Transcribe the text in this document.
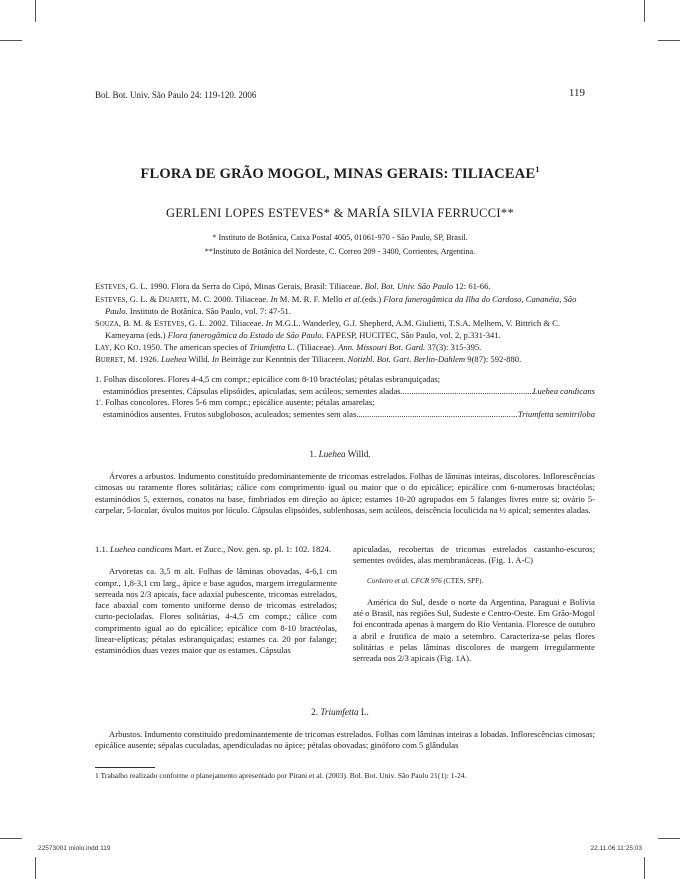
Bol. Bot. Univ. São Paulo 24: 119-120. 2006	119
FLORA DE GRÃO MOGOL, MINAS GERAIS: TILIACEAE$^1$
GERLENI LOPES ESTEVES* & MARÍA SILVIA FERRUCCI**
* Instituto de Botânica, Caixa Postal 4005, 01061-970 - São Paulo, SP, Brasil.
**Instituto de Botânica del Nordeste, C. Correo 209 - 3400, Corrientes, Argentina.

ESTEVES, G. L. 1990. Flora da Serra do Cipó, Minas Gerais, Brasil: Tiliaceae. Bol. Bot. Univ. São Paulo 12: 61-66.

ESTEVES, G. L. & DUARTE, M. C. 2000. Tiliaceae. In M. M. R. F. Mello et al.(eds.) Flora fanerogâmica da Ilha do Cardoso, Cananéia, São Paulo. Instituto de Botânica. São Paulo, vol. 7: 47-51.

SOUZA, B. M. & ESTEVES, G. L. 2002. Tiliaceae. In M.G.L. Wanderley, G.J. Shepherd, A.M. Giulietti, T.S.A. Melhem, V. Bittrich & C. Kameyama (eds.) Flora fanerogâmica do Estado de São Paulo. FAPESP, HUCITEC, São Paulo, vol. 2, p.331-341.

LAY, KO KO. 1950. The american species of Triumfetta L. (Tiliaceae). Ann. Missouri Bot. Gard. 37(3): 315-395.

BURRET, M. 1926. Luehea Willd. In Beiträge zur Kenntnis der Tiliaceen. Notizbl. Bot. Gart. Berlin-Dahlem 9(87): 592-880.

1. Folhas discolores. Flores 4-4,5 cm compr.; epicálice com 8-10 bractéolas; pétalas esbranquiçadas;

estaminódios presentes. Cápsulas elipsóides, apiculadas, sem acúleos; sementes aladas .....	Luehea candicans

1'. Folhas concolores. Flores 5-6 mm compr.; epicálice ausente; pétalas amarelas;

estaminódios ausentes. Frutos subglobosos, aculeados; sementes sem alas .....	Triumfetta semitriloba

1. Luehea Willd.
Árvores a arbustos. Indumento constituído predominantemente de tricomas estrelados. Folhas de lâminas inteiras, discolores. Inflorescências cimosas ou raramente flores solitárias; cálice com comprimento igual ou maior que o do epicálice; epicálice com 6-numerosas bractéolas; estaminódios 5, externos, conatos na base, fimbriados em direção ao ápice; estames 10-20 agrupados em 5 falanges livres entre si; ovário 5-carpelar, 5-locular, óvulos muitos por lóculo. Cápsulas elipsóides, sublenhosas, sem acúleos, deiscência loculicida na ½ apical; sementes aladas.

1.1. Luehea candicans Mart. et Zucc., Nov. gen. sp. pl. 1: 102. 1824.

Arvoretas ca. 3,5 m alt. Folhas de lâminas obovadas, 4-6,1 cm compr., 1,8-3,1 cm larg., ápice e base agudos, margem irregularmente serreada nos 2/3 apicais, face adaxial pubescente, tricomas estrelados, face abaxial com tomento uniforme denso de tricomas estrelados; curto-pecioladas. Flores solitárias, 4-4,5 cm compr.; cálice com comprimento igual ao do epicálice; epicálice com 8-10 bractéolas, linear-elípticas; pétalas esbranquiçadas; estames ca. 20 por falange; estaminódios duas vezes maior que os estames. Cápsulas

apiculadas, recobertas de tricomas estrelados castanho-escuros; sementes ovóides, alas membranáceas. (Fig. 1. A-C)

Cordeiro et al. CFCR 976 (CTES, SPF).

América do Sul, desde o norte da Argentina, Paraguai e Bolívia até o Brasil, nas regiões Sul, Sudeste e Centro-Oeste. Em Grão-Mogol foi encontrada apenas à margem do Rio Ventania. Floresce de outubro a abril e frutifica de maio a setembro. Caracteriza-se pelas flores solitárias e pelas lâminas discolores de margem irregularmente serreada nos 2/3 apicais (Fig. 1A).

2. Triumfetta L.
Arbustos. Indumento constituído predominantemente de tricomas estrelados. Folhas com lâminas inteiras a lobadas. Inflorescências cimosas; epicálice ausente; sépalas cuculadas, apendiculadas no ápice; pétalas obovadas; ginóforo com 5 glândulas
1 Trabalho realizado conforme o planejamento apresentado por Pirani et al. (2003). Bol. Bot. Univ. São Paulo 21(1): 1-24.
22573001 miolo.indd 119	22.11.06 11:25:03
